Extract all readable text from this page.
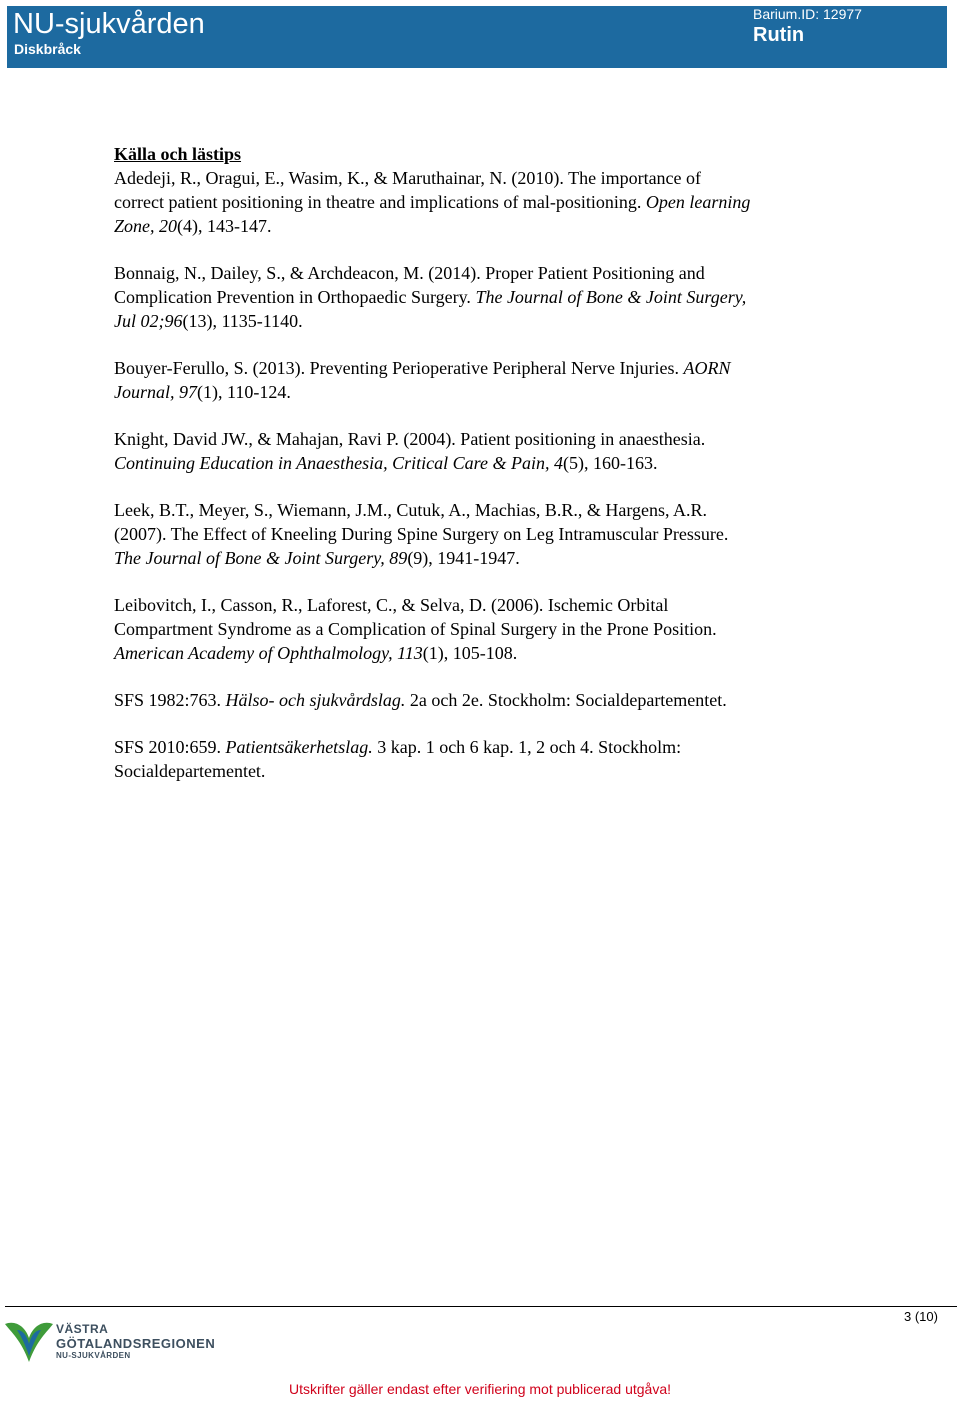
NU-sjukvården
Diskbråck
Barium.ID: 12977
Rutin
Källa och lästips
Adedeji, R., Oragui, E., Wasim, K., & Maruthainar, N. (2010). The importance of correct patient positioning in theatre and implications of mal-positioning. Open learning Zone, 20(4), 143-147.
Bonnaig, N., Dailey, S., & Archdeacon, M. (2014). Proper Patient Positioning and Complication Prevention in Orthopaedic Surgery. The Journal of Bone & Joint Surgery, Jul 02;96(13), 1135-1140.
Bouyer-Ferullo, S. (2013). Preventing Perioperative Peripheral Nerve Injuries. AORN Journal, 97(1), 110-124.
Knight, David JW., & Mahajan, Ravi P. (2004). Patient positioning in anaesthesia. Continuing Education in Anaesthesia, Critical Care & Pain, 4(5), 160-163.
Leek, B.T., Meyer, S., Wiemann, J.M., Cutuk, A., Machias, B.R., & Hargens, A.R. (2007). The Effect of Kneeling During Spine Surgery on Leg Intramuscular Pressure. The Journal of Bone & Joint Surgery, 89(9), 1941-1947.
Leibovitch, I., Casson, R., Laforest, C., & Selva, D. (2006). Ischemic Orbital Compartment Syndrome as a Complication of Spinal Surgery in the Prone Position. American Academy of Ophthalmology, 113(1), 105-108.
SFS 1982:763. Hälso- och sjukvårdslag. 2a och 2e. Stockholm: Socialdepartementet.
SFS 2010:659. Patientsäkerhetslag. 3 kap. 1 och 6 kap. 1, 2 och 4. Stockholm: Socialdepartementet.
3 (10)
VÄSTRA
GÖTALANDSREGIONEN
NU-SJUKVÅRDEN
Utskrifter gäller endast efter verifiering mot publicerad utgåva!
